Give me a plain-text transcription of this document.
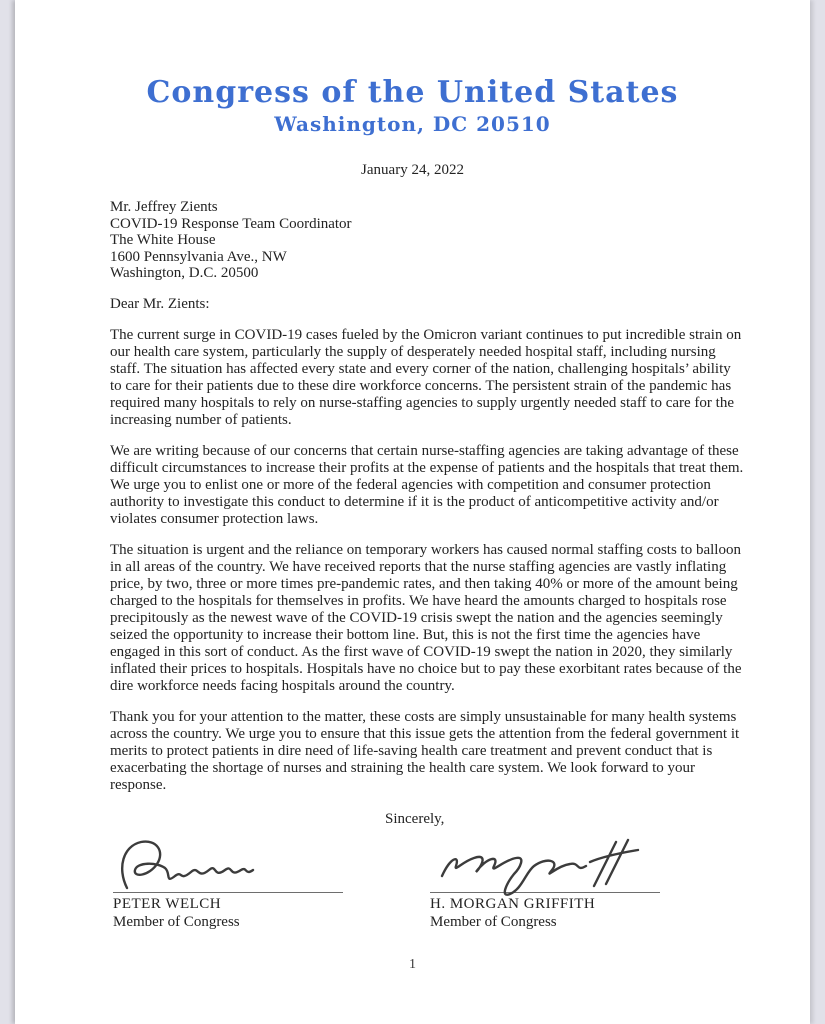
Congress of the United States
Washington, DC 20510
January 24, 2022
Mr. Jeffrey Zients
COVID-19 Response Team Coordinator
The White House
1600 Pennsylvania Ave., NW
Washington, D.C. 20500
Dear Mr. Zients:
The current surge in COVID-19 cases fueled by the Omicron variant continues to put incredible strain on our health care system, particularly the supply of desperately needed hospital staff, including nursing staff. The situation has affected every state and every corner of the nation, challenging hospitals’ ability to care for their patients due to these dire workforce concerns. The persistent strain of the pandemic has required many hospitals to rely on nurse-staffing agencies to supply urgently needed staff to care for the increasing number of patients.
We are writing because of our concerns that certain nurse-staffing agencies are taking advantage of these difficult circumstances to increase their profits at the expense of patients and the hospitals that treat them. We urge you to enlist one or more of the federal agencies with competition and consumer protection authority to investigate this conduct to determine if it is the product of anticompetitive activity and/or violates consumer protection laws.
The situation is urgent and the reliance on temporary workers has caused normal staffing costs to balloon in all areas of the country. We have received reports that the nurse staffing agencies are vastly inflating price, by two, three or more times pre-pandemic rates, and then taking 40% or more of the amount being charged to the hospitals for themselves in profits. We have heard the amounts charged to hospitals rose precipitously as the newest wave of the COVID-19 crisis swept the nation and the agencies seemingly seized the opportunity to increase their bottom line. But, this is not the first time the agencies have engaged in this sort of conduct. As the first wave of COVID-19 swept the nation in 2020, they similarly inflated their prices to hospitals. Hospitals have no choice but to pay these exorbitant rates because of the dire workforce needs facing hospitals around the country.
Thank you for your attention to the matter, these costs are simply unsustainable for many health systems across the country. We urge you to ensure that this issue gets the attention from the federal government it merits to protect patients in dire need of life-saving health care treatment and prevent conduct that is exacerbating the shortage of nurses and straining the health care system. We look forward to your response.
Sincerely,
PETER WELCH
Member of Congress
H. MORGAN GRIFFITH
Member of Congress
1
